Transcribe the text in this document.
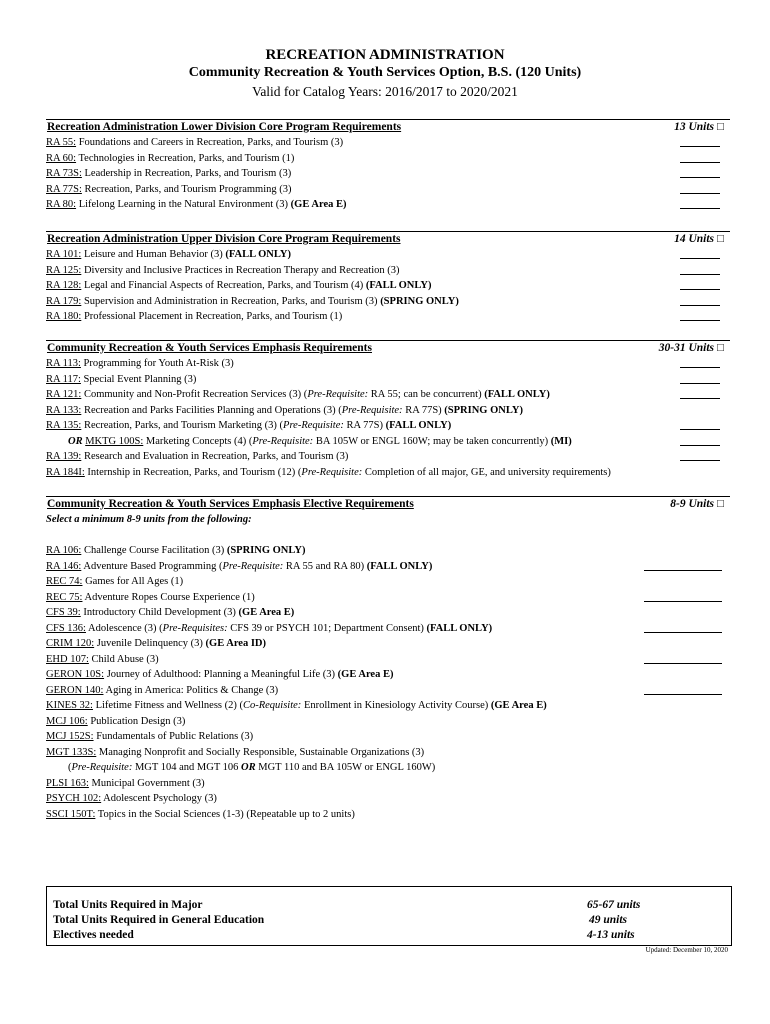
RECREATION ADMINISTRATION
Community Recreation & Youth Services Option, B.S. (120 Units)
Valid for Catalog Years: 2016/2017 to 2020/2021
Recreation Administration Lower Division Core Program Requirements	13 Units □
RA 55: Foundations and Careers in Recreation, Parks, and Tourism (3)
RA 60: Technologies in Recreation, Parks, and Tourism (1)
RA 73S: Leadership in Recreation, Parks, and Tourism (3)
RA 77S: Recreation, Parks, and Tourism Programming (3)
RA 80: Lifelong Learning in the Natural Environment (3) (GE Area E)
Recreation Administration Upper Division Core Program Requirements	14 Units □
RA 101: Leisure and Human Behavior (3) (FALL ONLY)
RA 125: Diversity and Inclusive Practices in Recreation Therapy and Recreation (3)
RA 128: Legal and Financial Aspects of Recreation, Parks, and Tourism (4) (FALL ONLY)
RA 179: Supervision and Administration in Recreation, Parks, and Tourism (3) (SPRING ONLY)
RA 180: Professional Placement in Recreation, Parks, and Tourism (1)
Community Recreation & Youth Services Emphasis Requirements	30-31 Units □
RA 113: Programming for Youth At-Risk (3)
RA 117: Special Event Planning (3)
RA 121: Community and Non-Profit Recreation Services (3) (Pre-Requisite: RA 55; can be concurrent) (FALL ONLY)
RA 133: Recreation and Parks Facilities Planning and Operations (3) (Pre-Requisite: RA 77S) (SPRING ONLY)
RA 135: Recreation, Parks, and Tourism Marketing (3) (Pre-Requisite: RA 77S) (FALL ONLY)
OR MKTG 100S: Marketing Concepts (4) (Pre-Requisite: BA 105W or ENGL 160W; may be taken concurrently) (MI)
RA 139: Research and Evaluation in Recreation, Parks, and Tourism (3)
RA 184I: Internship in Recreation, Parks, and Tourism (12) (Pre-Requisite: Completion of all major, GE, and university requirements)
Community Recreation & Youth Services Emphasis Elective Requirements	8-9 Units □
Select a minimum 8-9 units from the following:
RA 106: Challenge Course Facilitation (3) (SPRING ONLY)
RA 146: Adventure Based Programming (Pre-Requisite: RA 55 and RA 80) (FALL ONLY)
REC 74: Games for All Ages (1)
REC 75: Adventure Ropes Course Experience (1)
CFS 39: Introductory Child Development (3) (GE Area E)
CFS 136: Adolescence (3) (Pre-Requisites: CFS 39 or PSYCH 101; Department Consent) (FALL ONLY)
CRIM 120: Juvenile Delinquency (3) (GE Area ID)
EHD 107: Child Abuse (3)
GERON 10S: Journey of Adulthood: Planning a Meaningful Life (3) (GE Area E)
GERON 140: Aging in America: Politics & Change (3)
KINES 32: Lifetime Fitness and Wellness (2) (Co-Requisite: Enrollment in Kinesiology Activity Course) (GE Area E)
MCJ 106: Publication Design (3)
MCJ 152S: Fundamentals of Public Relations (3)
MGT 133S: Managing Nonprofit and Socially Responsible, Sustainable Organizations (3)
(Pre-Requisite: MGT 104 and MGT 106 OR MGT 110 and BA 105W or ENGL 160W)
PLSI 163: Municipal Government (3)
PSYCH 102: Adolescent Psychology (3)
SSCI 150T: Topics in the Social Sciences (1-3) (Repeatable up to 2 units)
Total Units Required in Major	65-67 units
Total Units Required in General Education	49 units
Electives needed	4-13 units
Updated: December 10, 2020
